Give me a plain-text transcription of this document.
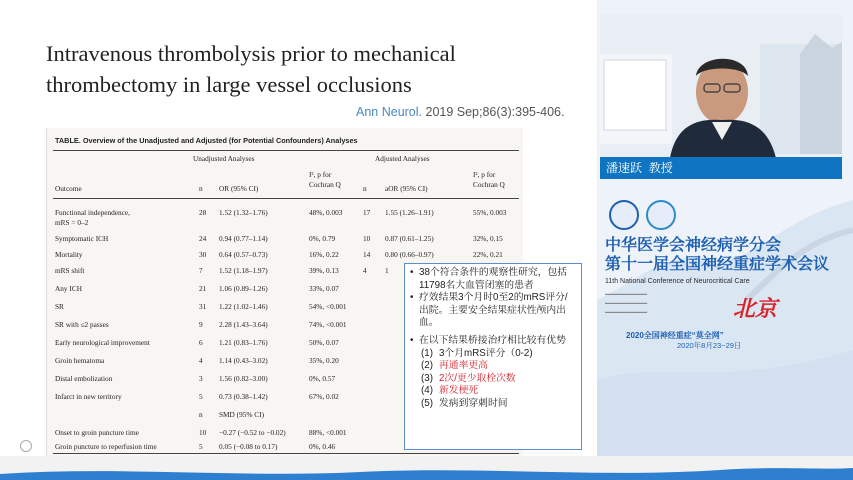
Intravenous thrombolysis prior to mechanical thrombectomy in large vessel occlusions
Ann Neurol. 2019 Sep;86(3):395-406.
TABLE. Overview of the Unadjusted and Adjusted (for Potential Confounders) Analyses
Unadjusted Analyses	Adjusted Analyses
I², p for
Cochran Q
I², p for
Cochran Q
Outcome	n OR (95% CI)	n	aOR (95% CI)
Functional independence,	28 1.52 (1.32–1.76)	48%, 0.003	17 1.55 (1.26–1.91)	55%, 0.003
mRS = 0–2
Symptomatic ICH	24 0.94 (0.77–1.14)	0%, 0.79	10 0.87 (0.61–1.25)	32%, 0.15
Mortality	30 0.64 (0.57–0.73)	16%, 0.22	14 0.80 (0.66–0.97)	22%, 0.21
mRS shift	7 1.52 (1.18–1.97)	39%, 0.13	4	1
Any ICH	21 1.06 (0.89–1.26)	33%, 0.07
SR	31 1.22 (1.02–1.46)	54%, <0.001
SR with ≤2 passes	9 2.28 (1.43–3.64)	74%, <0.001
Early neurological improvement	6 1.21 (0.83–1.76)	50%, 0.07
Groin hematoma	4 1.14 (0.43–3.02)	35%, 0.20
Distal embolization	3 1.56 (0.82–3.00)	0%, 0.57
Infarct in new territory	5 0.73 (0.38–1.42)	67%, 0.02
n SMD (95% CI)
Onset to groin puncture time	10 −0.27 (−0.52 to −0.02)	88%, <0.001
Groin puncture to reperfusion time	5 0.05 (−0.08 to 0.17)	0%, 0.46
• 38个符合条件的观察性研究，包括11798名大血管闭塞的患者
• 疗效结果3个月时0至2的mRS评分/出院。主要安全结果症状性颅内出血。
• 在以下结果桥接治疗相比较有优势
(1) 3个月mRS评分（0-2)
(2) 再通率更高
(3) 2次/更少取栓次数
(4) 新发梗死
(5) 发病到穿刺时间
潘速跃 教授
中华医学会神经病学分会
第十一届全国神经重症学术会议
11th National Conference of Neurocritical Care
━━━━━━━━━━━━━━
━━━━━━━━━━━━━━
━━━━━━━━━━━━━━	北京
2020全国神经重症“莫全网”
2020年8月23~29日
